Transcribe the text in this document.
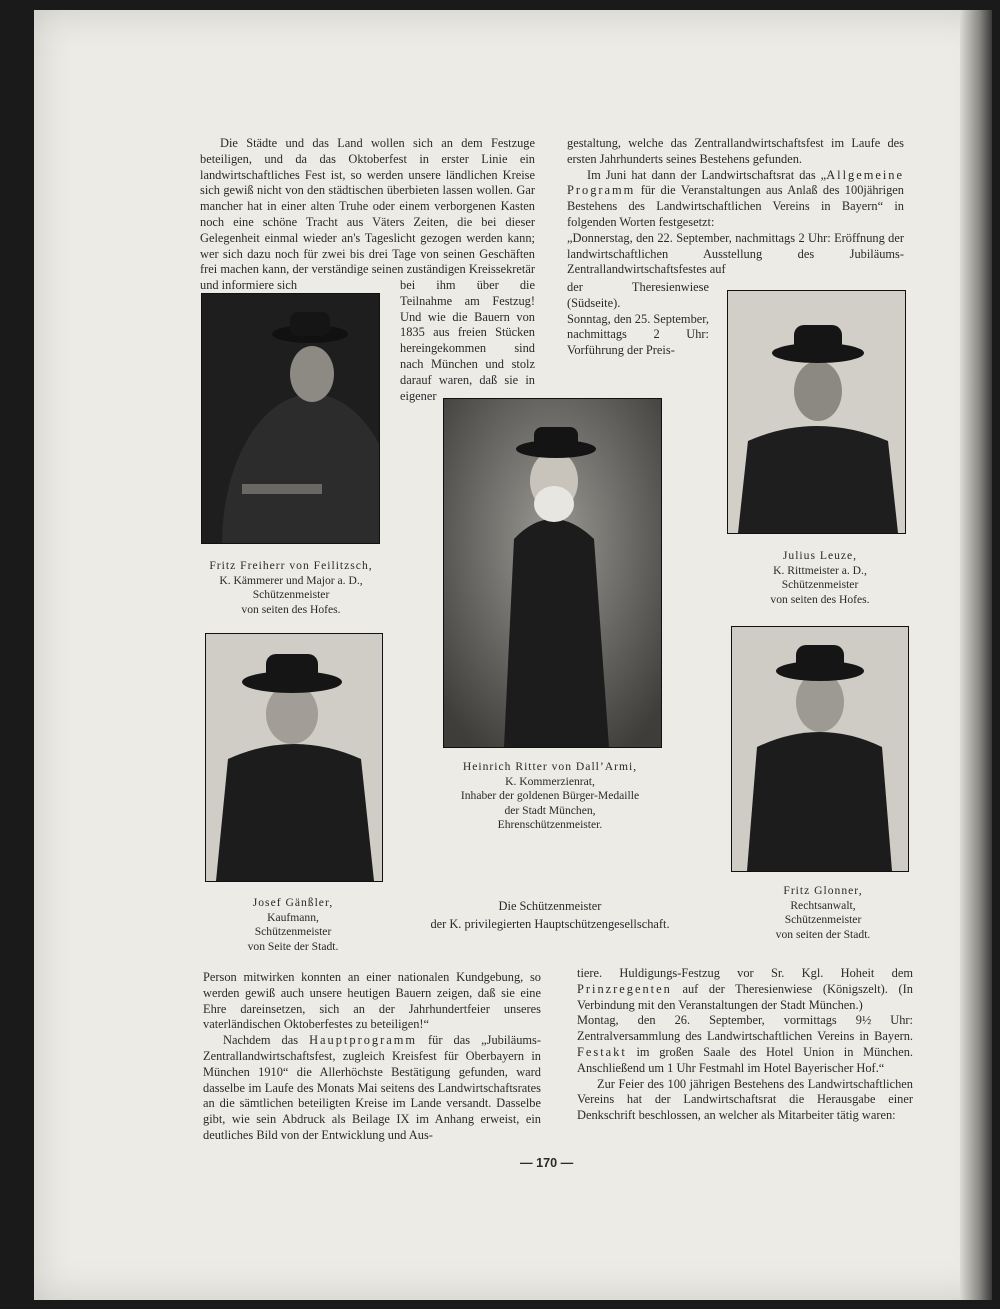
Die Städte und das Land wollen sich an dem Festzuge beteiligen, und da das Oktoberfest in erster Linie ein landwirtschaftliches Fest ist, so werden unsere ländlichen Kreise sich gewiß nicht von den städtischen überbieten lassen wollen. Gar mancher hat in einer alten Truhe oder einem verborgenen Kasten noch eine schöne Tracht aus Väters Zeiten, die bei dieser Gelegenheit einmal wieder an's Tageslicht gezogen werden kann; wer sich dazu noch für zwei bis drei Tage von seinen Geschäften frei machen kann, der verständige seinen zuständigen Kreissekretär und informiere sich	bei ihm über die Teilnahme am Festzug! Und wie die Bauern von 1835 aus freien Stücken hereingekommen sind nach München und stolz darauf waren, daß sie in eigener

gestaltung, welche das Zentrallandwirtschaftsfest im Laufe des ersten Jahrhunderts seines Bestehens gefunden.

Im Juni hat dann der Landwirtschaftsrat das „Allgemeine Programm für die Veranstaltungen aus Anlaß des 100jährigen Bestehens des Landwirtschaftlichen Vereins in Bayern“ in folgenden Worten festgesetzt:

„Donnerstag, den 22. September, nachmittags 2 Uhr: Eröffnung der landwirtschaftlichen Ausstellung des Jubiläums-Zentrallandwirtschaftsfestes auf

der Theresienwiese (Südseite).

Sonntag, den 25. September, nachmittags 2 Uhr: Vorführung der Preis-

Fritz Freiherr von Feilitzsch,
K. Kämmerer und Major a. D.,
Schützenmeister
von seiten des Hofes.
Heinrich Ritter von Dall’Armi,
K. Kommerzienrat,
Inhaber der goldenen Bürger-Medaille
der Stadt München,
Ehrenschützenmeister.
Julius Leuze,
K. Rittmeister a. D.,
Schützenmeister
von seiten des Hofes.
Josef Gänßler,
Kaufmann,
Schützenmeister
von Seite der Stadt.
Fritz Glonner,
Rechtsanwalt,
Schützenmeister
von seiten der Stadt.
Die Schützenmeister
der K. privilegierten Hauptschützengesellschaft.

Person mitwirken konnten an einer nationalen Kundgebung, so werden gewiß auch unsere heutigen Bauern zeigen, daß sie eine Ehre dareinsetzen, sich an der Jahrhundertfeier unseres vaterländischen Oktoberfestes zu beteiligen!“

Nachdem das Hauptprogramm für das „Jubiläums-Zentrallandwirtschaftsfest, zugleich Kreisfest für Oberbayern in München 1910“ die Allerhöchste Bestätigung gefunden, ward dasselbe im Laufe des Monats Mai seitens des Landwirtschaftsrates an die sämtlichen beteiligten Kreise im Lande versandt. Dasselbe gibt, wie sein Abdruck als Beilage IX im Anhang erweist, ein deutliches Bild von der Entwicklung und Aus-

tiere. Huldigungs-Festzug vor Sr. Kgl. Hoheit dem Prinzregenten auf der Theresienwiese (Königszelt). (In Verbindung mit den Veranstaltungen der Stadt München.)

Montag, den 26. September, vormittags 9½ Uhr: Zentralversammlung des Landwirtschaftlichen Vereins in Bayern. Festakt im großen Saale des Hotel Union in München. Anschließend um 1 Uhr Festmahl im Hotel Bayerischer Hof.“

Zur Feier des 100 jährigen Bestehens des Landwirtschaftlichen Vereins hat der Landwirtschaftsrat die Herausgabe einer Denkschrift beschlossen, an welcher als Mitarbeiter tätig waren:

— 170 —
